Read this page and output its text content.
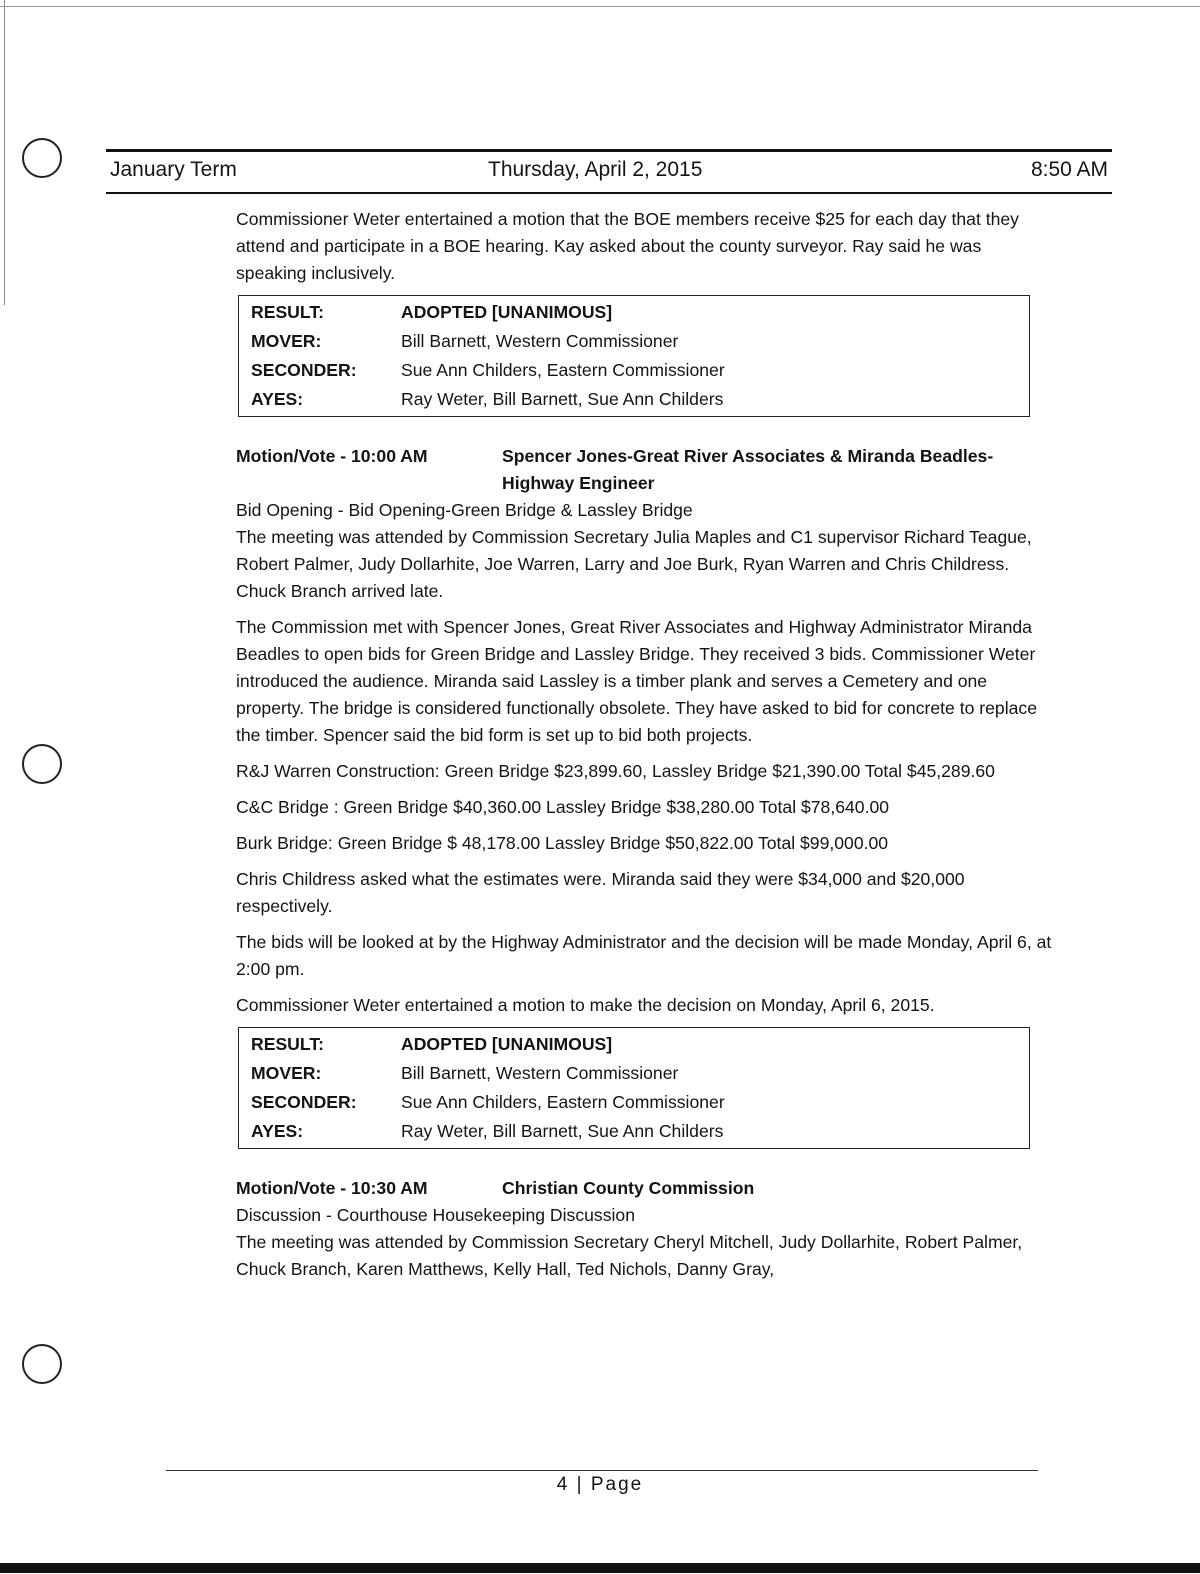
January Term	Thursday, April 2, 2015	8:50 AM

Commissioner Weter entertained a motion that the BOE members receive $25 for each day that they attend and participate in a BOE hearing. Kay asked about the county surveyor. Ray said he was speaking inclusively.

RESULT:	ADOPTED [UNANIMOUS]
MOVER:	Bill Barnett, Western Commissioner
SECONDER:	Sue Ann Childers, Eastern Commissioner
AYES:	Ray Weter, Bill Barnett, Sue Ann Childers
Motion/Vote - 10:00 AM	Spencer Jones-Great River Associates & Miranda Beadles-Highway Engineer
Bid Opening - Bid Opening-Green Bridge & Lassley Bridge

The meeting was attended by Commission Secretary Julia Maples and C1 supervisor Richard Teague, Robert Palmer, Judy Dollarhite, Joe Warren, Larry and Joe Burk, Ryan Warren and Chris Childress. Chuck Branch arrived late.

The Commission met with Spencer Jones, Great River Associates and Highway Administrator Miranda Beadles to open bids for Green Bridge and Lassley Bridge. They received 3 bids. Commissioner Weter introduced the audience. Miranda said Lassley is a timber plank and serves a Cemetery and one property. The bridge is considered functionally obsolete. They have asked to bid for concrete to replace the timber. Spencer said the bid form is set up to bid both projects.

R&J Warren Construction: Green Bridge $23,899.60, Lassley Bridge $21,390.00 Total $45,289.60

C&C Bridge : Green Bridge $40,360.00 Lassley Bridge $38,280.00 Total $78,640.00

Burk Bridge: Green Bridge $ 48,178.00 Lassley Bridge $50,822.00 Total $99,000.00

Chris Childress asked what the estimates were. Miranda said they were $34,000 and $20,000 respectively.

The bids will be looked at by the Highway Administrator and the decision will be made Monday, April 6, at 2:00 pm.

Commissioner Weter entertained a motion to make the decision on Monday, April 6, 2015.

RESULT:	ADOPTED [UNANIMOUS]
MOVER:	Bill Barnett, Western Commissioner
SECONDER:	Sue Ann Childers, Eastern Commissioner
AYES:	Ray Weter, Bill Barnett, Sue Ann Childers
Motion/Vote - 10:30 AM	Christian County Commission
Discussion - Courthouse Housekeeping Discussion

The meeting was attended by Commission Secretary Cheryl Mitchell, Judy Dollarhite, Robert Palmer, Chuck Branch, Karen Matthews, Kelly Hall, Ted Nichols, Danny Gray,

4 | Page
